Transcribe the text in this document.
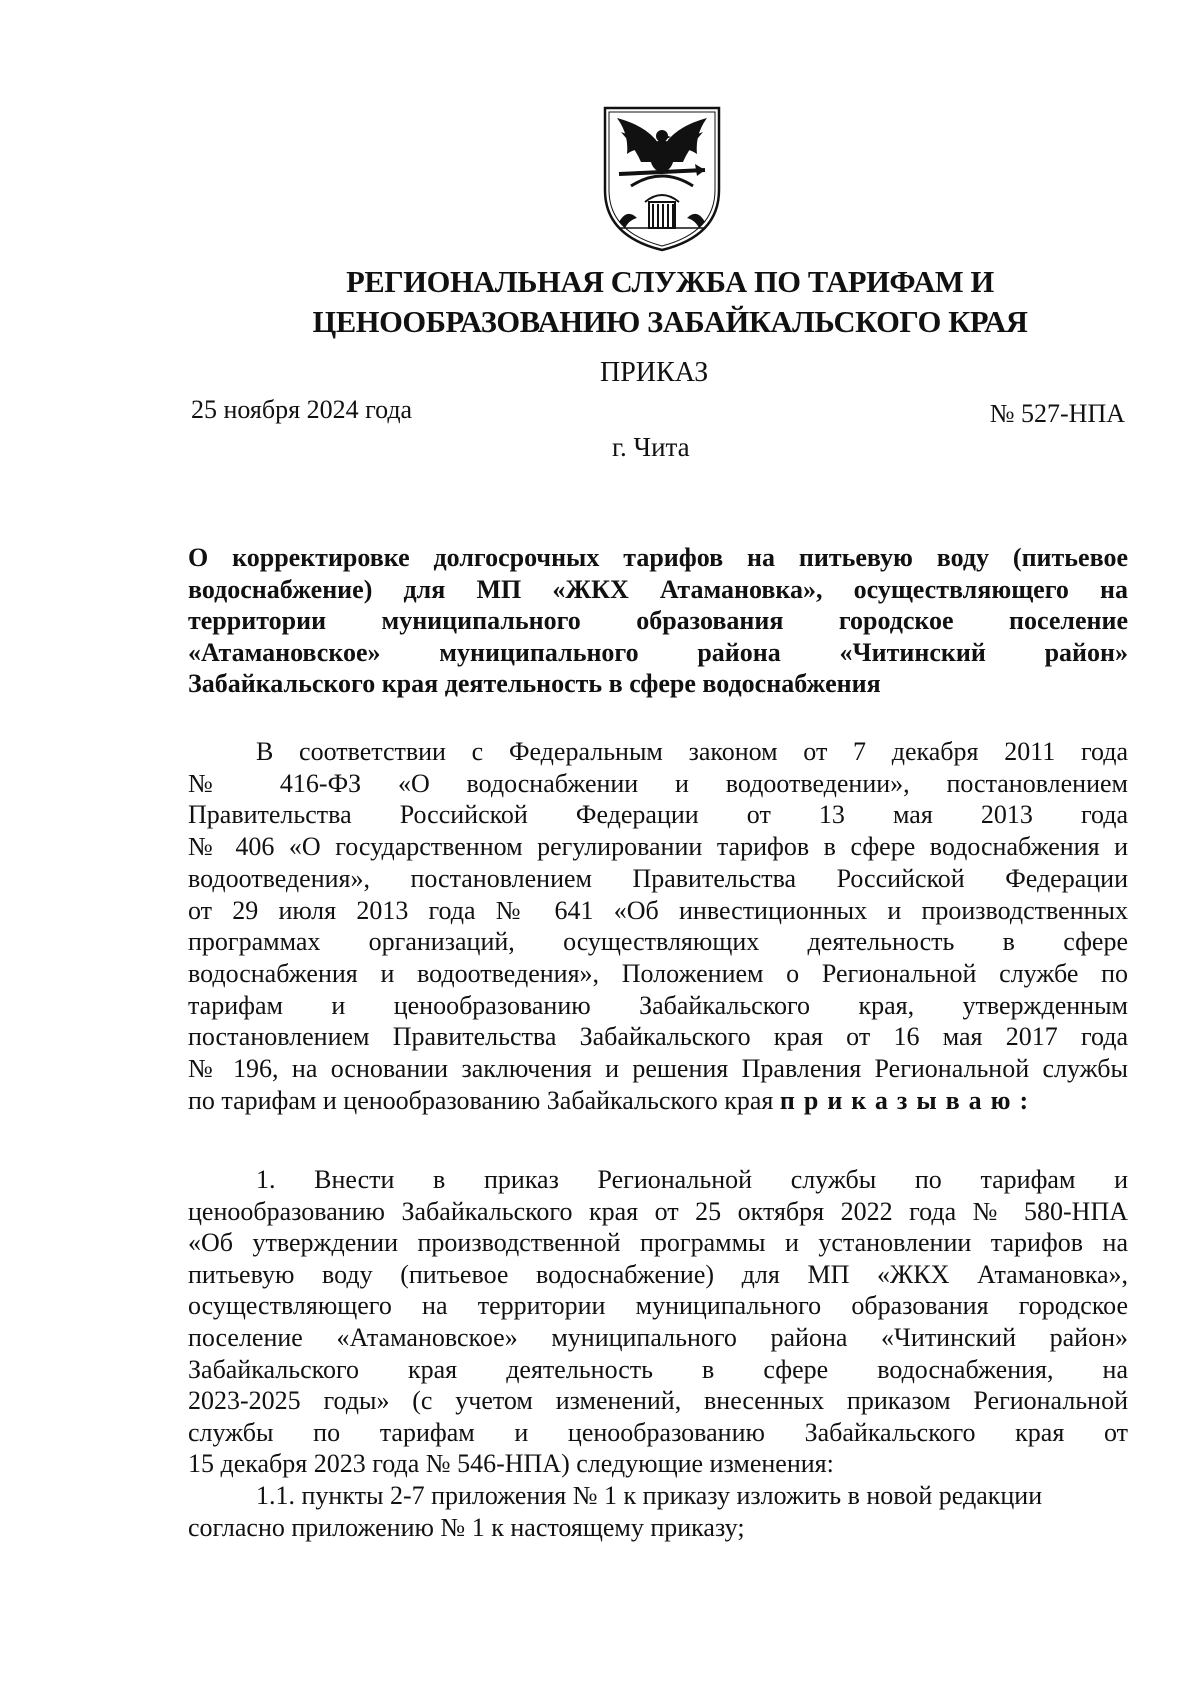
РЕГИОНАЛЬНАЯ СЛУЖБА ПО ТАРИФАМ И
ЦЕНООБРАЗОВАНИЮ ЗАБАЙКАЛЬСКОГО КРАЯ
ПРИКАЗ
25 ноября 2024 года	№ 527-НПА
г. Чита
О корректировке долгосрочных тарифов на питьевую воду (питьевое
водоснабжение) для МП «ЖКХ Атамановка», осуществляющего на
территории муниципального образования городское поселение
«Атамановское» муниципального района «Читинский район»
Забайкальского края деятельность в сфере водоснабжения
В соответствии с Федеральным законом от 7 декабря 2011 года
№ 416-ФЗ «О водоснабжении и водоотведении», постановлением
Правительства Российской Федерации от 13 мая 2013 года
№ 406 «О государственном регулировании тарифов в сфере водоснабжения и
водоотведения», постановлением Правительства Российской Федерации
от 29 июля 2013 года № 641 «Об инвестиционных и производственных
программах организаций, осуществляющих деятельность в сфере
водоснабжения и водоотведения», Положением о Региональной службе по
тарифам и ценообразованию Забайкальского края, утвержденным
постановлением Правительства Забайкальского края от 16 мая 2017 года
№ 196, на основании заключения и решения Правления Региональной службы
по тарифам и ценообразованию Забайкальского края приказываю:
1. Внести в приказ Региональной службы по тарифам и
ценообразованию Забайкальского края от 25 октября 2022 года № 580-НПА
«Об утверждении производственной программы и установлении тарифов на
питьевую воду (питьевое водоснабжение) для МП «ЖКХ Атамановка»,
осуществляющего на территории муниципального образования городское
поселение «Атамановское» муниципального района «Читинский район»
Забайкальского края деятельность в сфере водоснабжения, на
2023-2025 годы» (с учетом изменений, внесенных приказом Региональной
службы по тарифам и ценообразованию Забайкальского края от
15 декабря 2023 года № 546-НПА) следующие изменения:
1.1. пункты 2-7 приложения № 1 к приказу изложить в новой редакции
согласно приложению № 1 к настоящему приказу;
